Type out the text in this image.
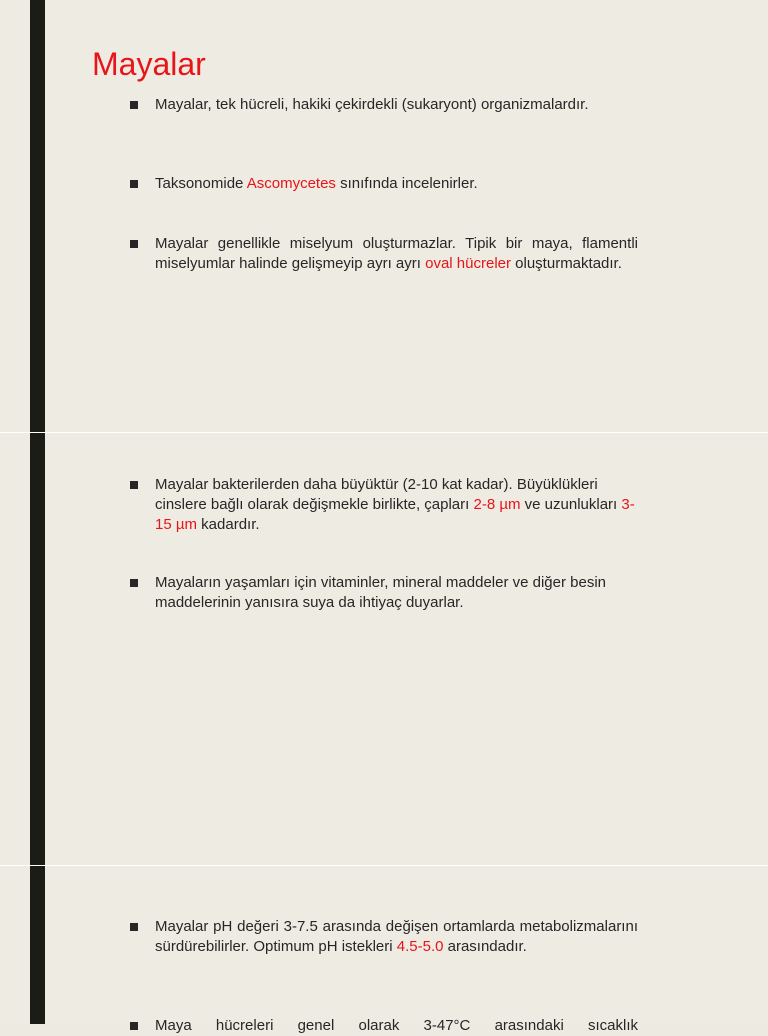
Mayalar
Mayalar, tek hücreli, hakiki çekirdekli (sukaryont) organizmalardır.
Taksonomide Ascomycetes sınıfında incelenirler.
Mayalar genellikle miselyum oluşturmazlar. Tipik bir maya, flamentli miselyumlar halinde gelişmeyip ayrı ayrı oval hücreler oluşturmaktadır.
Mayalar bakterilerden daha büyüktür (2-10 kat kadar). Büyüklükleri cinslere bağlı olarak değişmekle birlikte, çapları 2-8 µm ve uzunlukları 3-15 µm kadardır.
Mayaların yaşamları için vitaminler, mineral maddeler ve diğer besin maddelerinin yanısıra suya da ihtiyaç duyarlar.
Mayalar pH değeri 3-7.5 arasında değişen ortamlarda metabolizmalarını sürdürebilirler. Optimum pH istekleri 4.5-5.0 arasındadır.
Maya hücreleri genel olarak 3-47°C arasındaki sıcaklık
